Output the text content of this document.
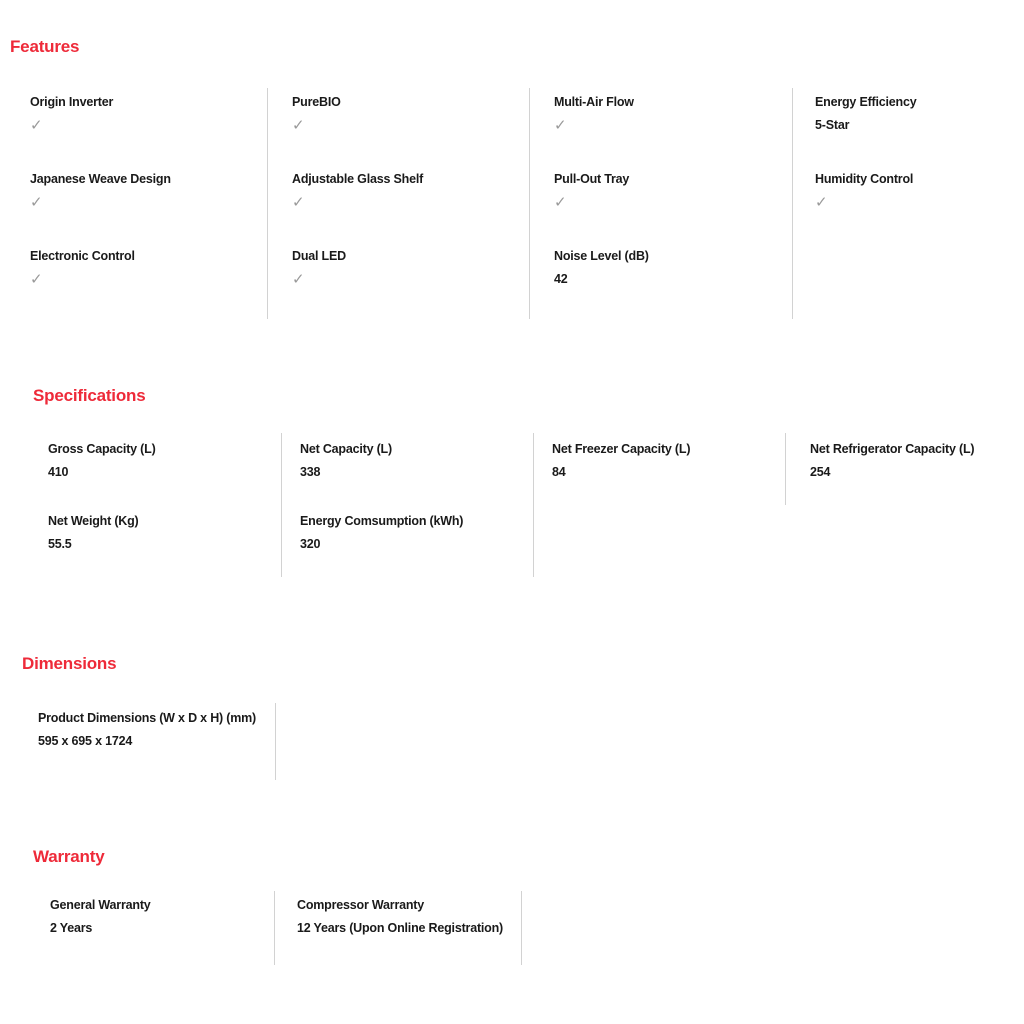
Features
Origin Inverter
✓
PureBIO
✓
Multi-Air Flow
✓
Energy Efficiency
5-Star
Japanese Weave Design
✓
Adjustable Glass Shelf
✓
Pull-Out Tray
✓
Humidity Control
✓
Electronic Control
✓
Dual LED
✓
Noise Level (dB)
42
Specifications
Gross Capacity (L)
410
Net Capacity (L)
338
Net Freezer Capacity (L)
84
Net Refrigerator Capacity (L)
254
Net Weight (Kg)
55.5
Energy Comsumption (kWh)
320
Dimensions
Product Dimensions (W x D x H) (mm)
595 x 695 x 1724
Warranty
General Warranty
2 Years
Compressor Warranty
12 Years (Upon Online Registration)
